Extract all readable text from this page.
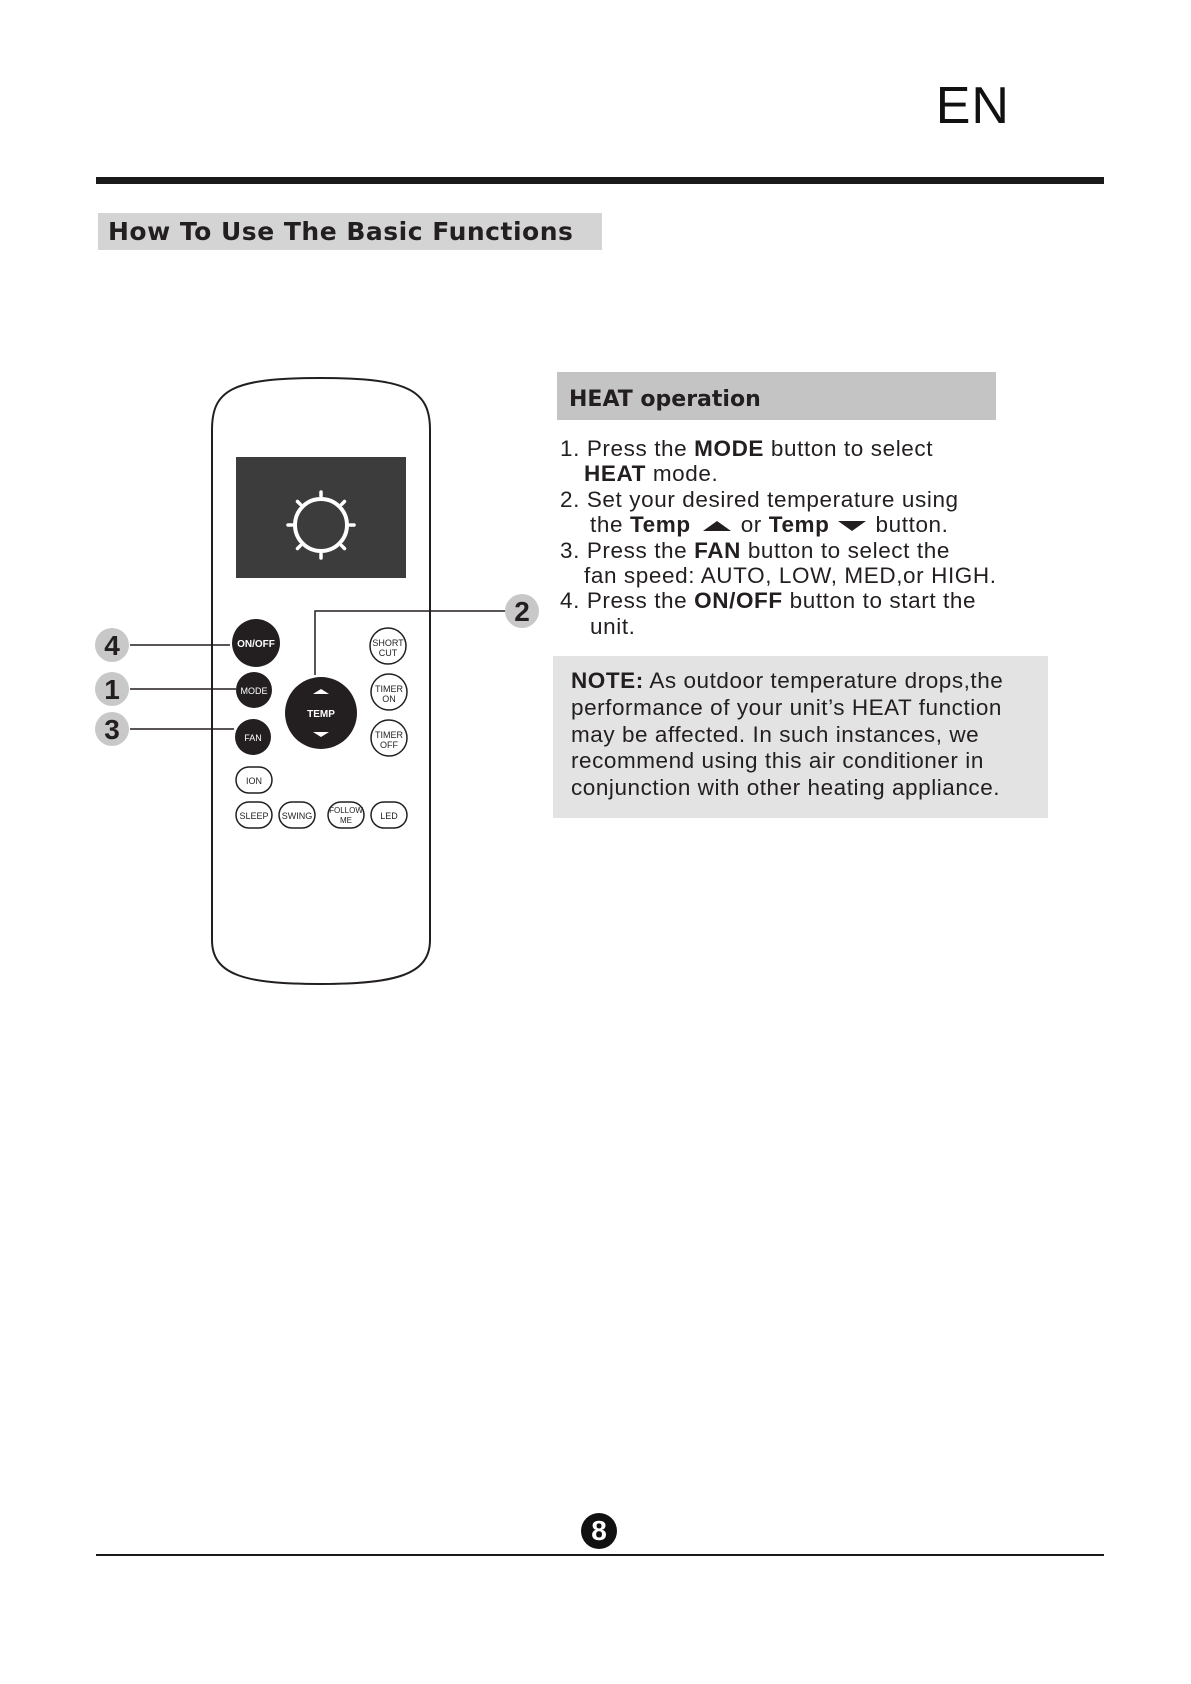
EN
How To Use The Basic Functions
4
1
3
2
ON/OFF
MODE
FAN
TEMP
SHORT
CUT
TIMER
ON
TIMER
OFF
ION
SLEEP SWING
FOLLOW
ME	LED
HEAT operation
1. Press the MODE button to select
HEAT mode.
2. Set your desired temperature using
the Temp or Temp button.
3. Press the FAN button to select the
fan speed: AUTO, LOW, MED,or HIGH.
4. Press the ON/OFF button to start the
unit.
NOTE: As outdoor temperature drops,the
performance of your unit’s HEAT function
may be affected. In such instances, we
recommend using this air conditioner in
conjunction with other heating appliance.
8
